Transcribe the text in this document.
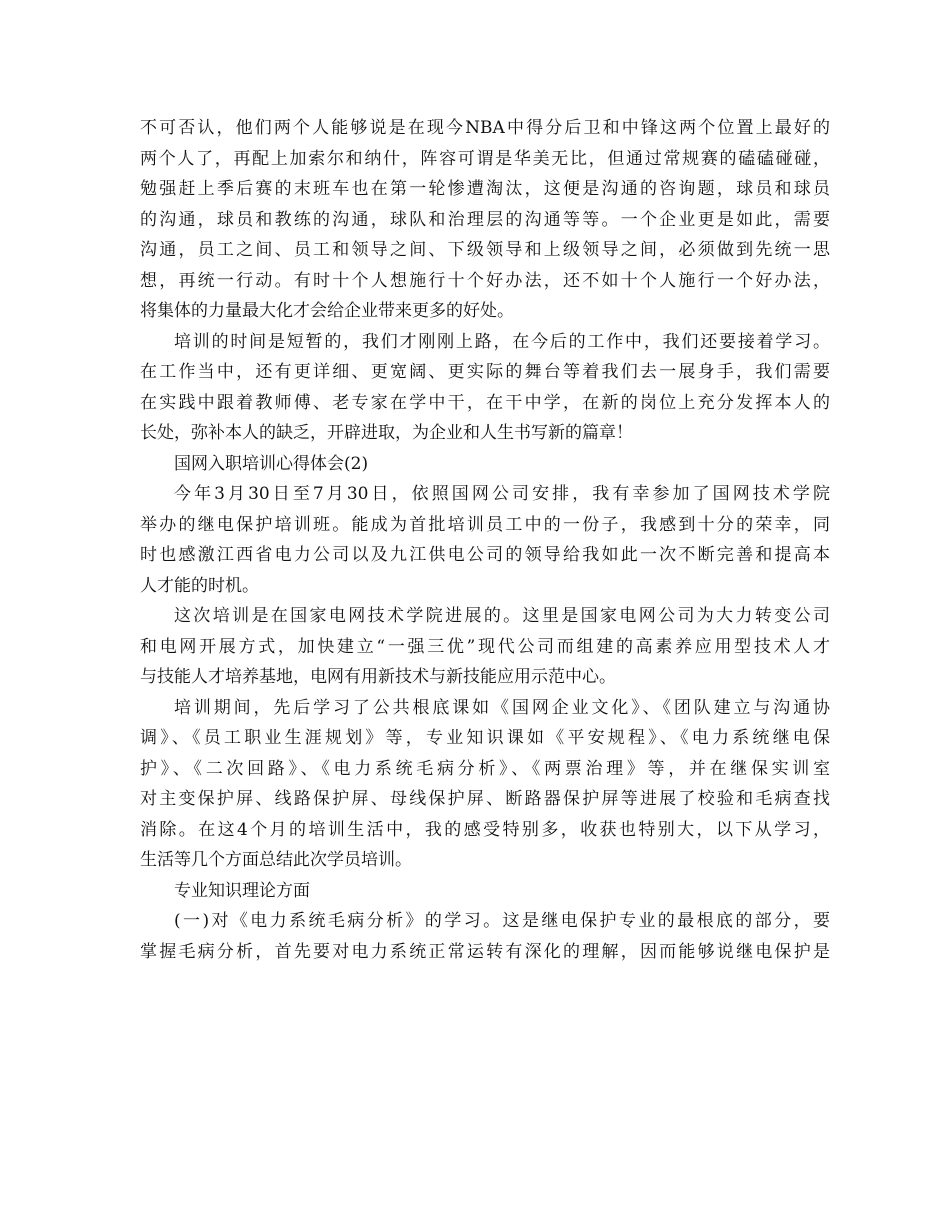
不可否认，他们两个人能够说是在现今NBA中得分后卫和中锋这两个位置上最好的
两个人了，再配上加索尔和纳什，阵容可谓是华美无比，但通过常规赛的磕磕碰碰，
勉强赶上季后赛的末班车也在第一轮惨遭淘汰，这便是沟通的咨询题，球员和球员
的沟通，球员和教练的沟通，球队和治理层的沟通等等。一个企业更是如此，需要
沟通，员工之间、员工和领导之间、下级领导和上级领导之间，必须做到先统一思
想，再统一行动。有时十个人想施行十个好办法，还不如十个人施行一个好办法，
将集体的力量最大化才会给企业带来更多的好处。
培训的时间是短暂的，我们才刚刚上路，在今后的工作中，我们还要接着学习。
在工作当中，还有更详细、更宽阔、更实际的舞台等着我们去一展身手，我们需要
在实践中跟着教师傅、老专家在学中干，在干中学，在新的岗位上充分发挥本人的
长处，弥补本人的缺乏，开辟进取，为企业和人生书写新的篇章！
国网入职培训心得体会(2)
今年3月30日至7月30日，依照国网公司安排，我有幸参加了国网技术学院
举办的继电保护培训班。能成为首批培训员工中的一份子，我感到十分的荣幸，同
时也感激江西省电力公司以及九江供电公司的领导给我如此一次不断完善和提高本
人才能的时机。
这次培训是在国家电网技术学院进展的。这里是国家电网公司为大力转变公司
和电网开展方式，加快建立“一强三优”现代公司而组建的高素养应用型技术人才
与技能人才培养基地，电网有用新技术与新技能应用示范中心。
培训期间，先后学习了公共根底课如《国网企业文化》、《团队建立与沟通协
调》、《员工职业生涯规划》等，专业知识课如《平安规程》、《电力系统继电保
护》、《二次回路》、《电力系统毛病分析》、《两票治理》等，并在继保实训室
对主变保护屏、线路保护屏、母线保护屏、断路器保护屏等进展了校验和毛病查找
消除。在这4个月的培训生活中，我的感受特别多，收获也特别大，以下从学习，
生活等几个方面总结此次学员培训。
专业知识理论方面
(一)对《电力系统毛病分析》的学习。这是继电保护专业的最根底的部分，要
掌握毛病分析，首先要对电力系统正常运转有深化的理解，因而能够说继电保护是
